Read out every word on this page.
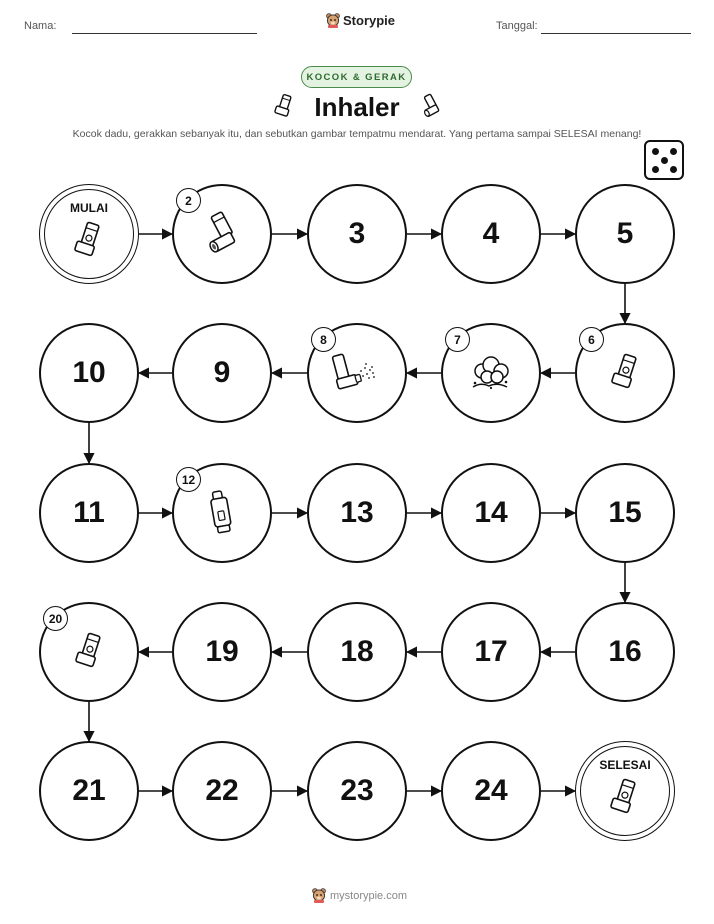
Nama:	Storypie	Tanggal:
KOCOK & GERAK
Inhaler
Kocok dadu, gerakkan sebanyak itu, dan sebutkan gambar tempatmu mendarat. Yang pertama sampai SELESAI menang!
SELESAI
24
23
22
21
16
17
18
19
15
14
13
11
9
10
5
4
3
MULAI
2
8	7	6
12
20
mystorypie.com
